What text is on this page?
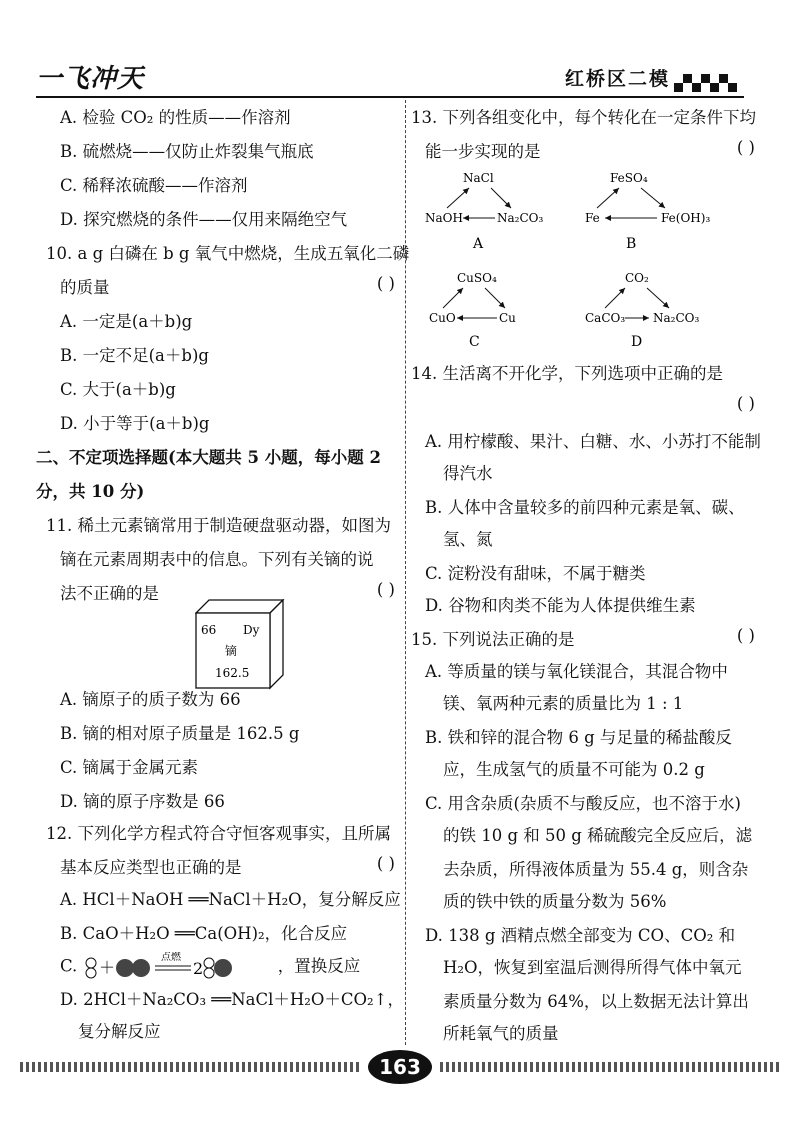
一飞冲天	红桥区二模
A. 检验 CO₂ 的性质——作溶剂
B. 硫燃烧——仅防止炸裂集气瓶底
C. 稀释浓硫酸——作溶剂
D. 探究燃烧的条件——仅用来隔绝空气
10. a g 白磷在 b g 氧气中燃烧，生成五氧化二磷
的质量	( )
A. 一定是(a＋b)g
B. 一定不足(a＋b)g
C. 大于(a＋b)g
D. 小于等于(a＋b)g
二、不定项选择题(本大题共 5 小题，每小题 2
分，共 10 分)
11. 稀土元素镝常用于制造硬盘驱动器，如图为
镝在元素周期表中的信息。下列有关镝的说
法不正确的是	( )
66 Dy
镝
162.5
A. 镝原子的质子数为 66
B. 镝的相对原子质量是 162.5 g
C. 镝属于金属元素
D. 镝的原子序数是 66
12. 下列化学方程式符合守恒客观事实，且所属
基本反应类型也正确的是	( )
A. HCl＋NaOH ══NaCl＋H₂O，复分解反应
B. CaO＋H₂O ══Ca(OH)₂，化合反应
C. ＋
点燃
2	，置换反应
D. 2HCl＋Na₂CO₃ ══NaCl＋H₂O＋CO₂↑，
复分解反应
13. 下列各组变化中，每个转化在一定条件下均
能一步实现的是	( )
NaCl
NaOH	Na₂CO₃
A
FeSO₄
Fe	Fe(OH)₃
B
CuSO₄
CuO	Cu
C
CO₂
CaCO₃ Na₂CO₃
D
14. 生活离不开化学，下列选项中正确的是
( )
A. 用柠檬酸、果汁、白糖、水、小苏打不能制
得汽水
B. 人体中含量较多的前四种元素是氧、碳、
氢、氮
C. 淀粉没有甜味，不属于糖类
D. 谷物和肉类不能为人体提供维生素
15. 下列说法正确的是	( )
A. 等质量的镁与氧化镁混合，其混合物中
镁、氧两种元素的质量比为 1 : 1
B. 铁和锌的混合物 6 g 与足量的稀盐酸反
应，生成氢气的质量不可能为 0.2 g
C. 用含杂质(杂质不与酸反应，也不溶于水)
的铁 10 g 和 50 g 稀硫酸完全反应后，滤
去杂质，所得液体质量为 55.4 g，则含杂
质的铁中铁的质量分数为 56%
D. 138 g 酒精点燃全部变为 CO、CO₂ 和
H₂O，恢复到室温后测得所得气体中氧元
素质量分数为 64%，以上数据无法计算出
所耗氧气的质量
163
